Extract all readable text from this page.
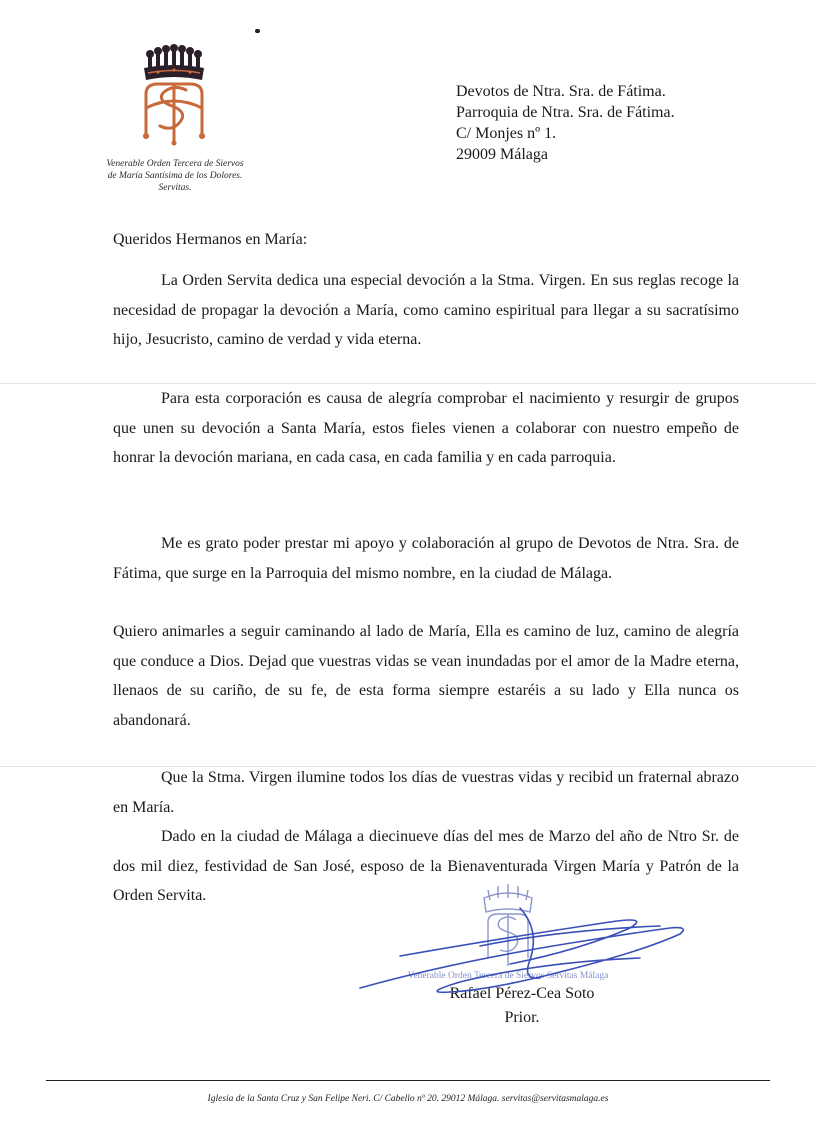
Venerable Orden Tercera de Siervos
de María Santísima de los Dolores.
Servitas.
Devotos de Ntra. Sra. de Fátima.
Parroquia de Ntra. Sra. de Fátima.
C/ Monjes nº 1.
29009 Málaga
Queridos Hermanos en María:

La Orden Servita dedica una especial devoción a la Stma. Virgen. En sus reglas recoge la necesidad de propagar la devoción a María, como camino espiritual para llegar a su sacratísimo hijo, Jesucristo, camino de verdad y vida eterna.

Para esta corporación es causa de alegría comprobar el nacimiento y resurgir de grupos que unen su devoción a Santa María, estos fieles vienen a colaborar con nuestro empeño de honrar la devoción mariana, en cada casa, en cada familia y en cada parroquia.

Me es grato poder prestar mi apoyo y colaboración al grupo de Devotos de Ntra. Sra. de Fátima, que surge en la Parroquia del mismo nombre, en la ciudad de Málaga.

Quiero animarles a seguir caminando al lado de María, Ella es camino de luz, camino de alegría que conduce a Dios. Dejad que vuestras vidas se vean inundadas por el amor de la Madre eterna, llenaos de su cariño, de su fe, de esta forma siempre estaréis a su lado y Ella nunca os abandonará.

Que la Stma. Virgen ilumine todos los días de vuestras vidas y recibid un fraternal abrazo en María.

Dado en la ciudad de Málaga a diecinueve días del mes de Marzo del año de Ntro Sr. de dos mil diez, festividad de San José, esposo de la Bienaventurada Virgen María y Patrón de la Orden Servita.

Venerable Orden Tercera de Siervos Servitas Málaga
Rafael Pérez-Cea Soto
Prior.
Iglesia de la Santa Cruz y San Felipe Neri. C/ Cabello nº 20. 29012 Málaga. servitas@servitasmalaga.es
